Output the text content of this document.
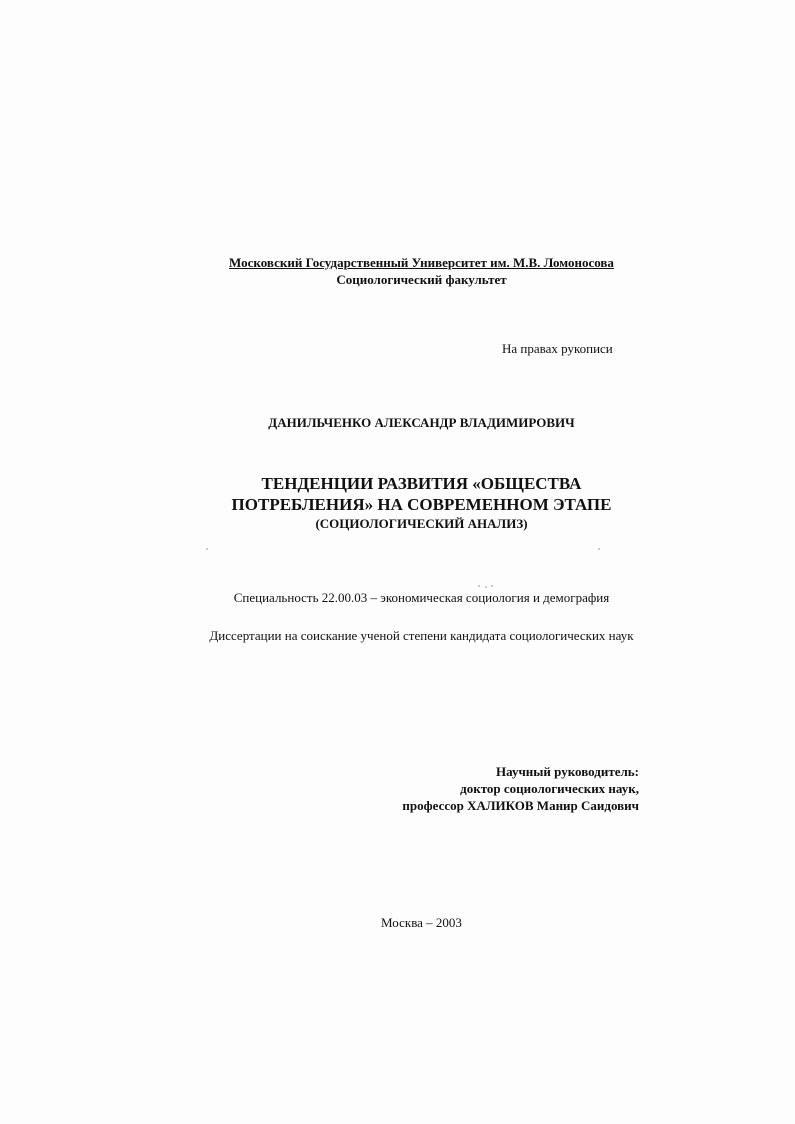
Московский Государственный Университет им. М.В. Ломоносова
Социологический факультет
На правах рукописи
ДАНИЛЬЧЕНКО АЛЕКСАНДР ВЛАДИМИРОВИЧ
ТЕНДЕНЦИИ РАЗВИТИЯ «ОБЩЕСТВА
ПОТРЕБЛЕНИЯ» НА СОВРЕМЕННОМ ЭТАПЕ
(СОЦИОЛОГИЧЕСКИЙ АНАЛИЗ)
Специальность 22.00.03 – экономическая социология и демография
Диссертации на соискание ученой степени кандидата социологических наук
Научный руководитель:
доктор социологических наук,
профессор ХАЛИКОВ Манир Саидович
Москва – 2003
